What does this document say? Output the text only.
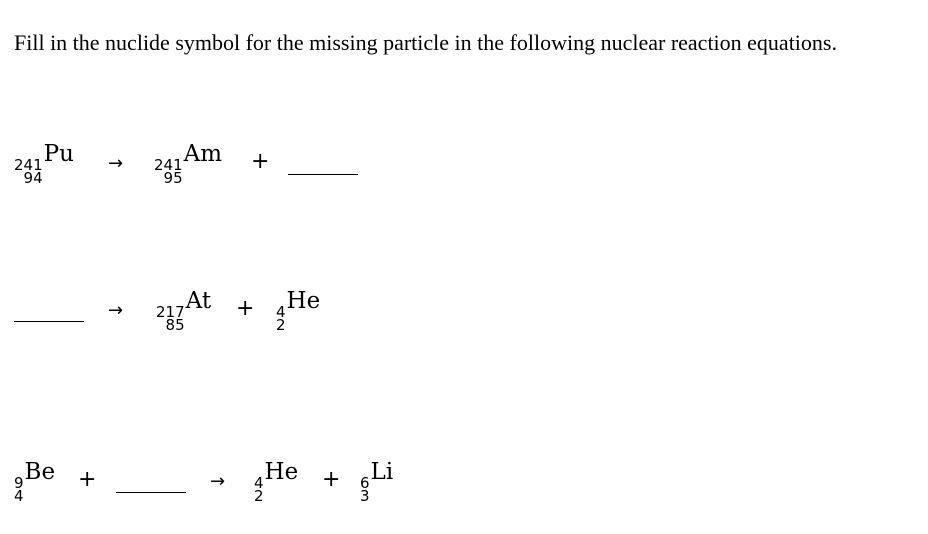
Fill in the nuclide symbol for the missing particle in the following nuclear reaction equations.
241
94
Pu → 241
95
Am +
→ 217
85
At + 4
2
He
9
4
Be +	→ 4
2
He + 6
3
Li
